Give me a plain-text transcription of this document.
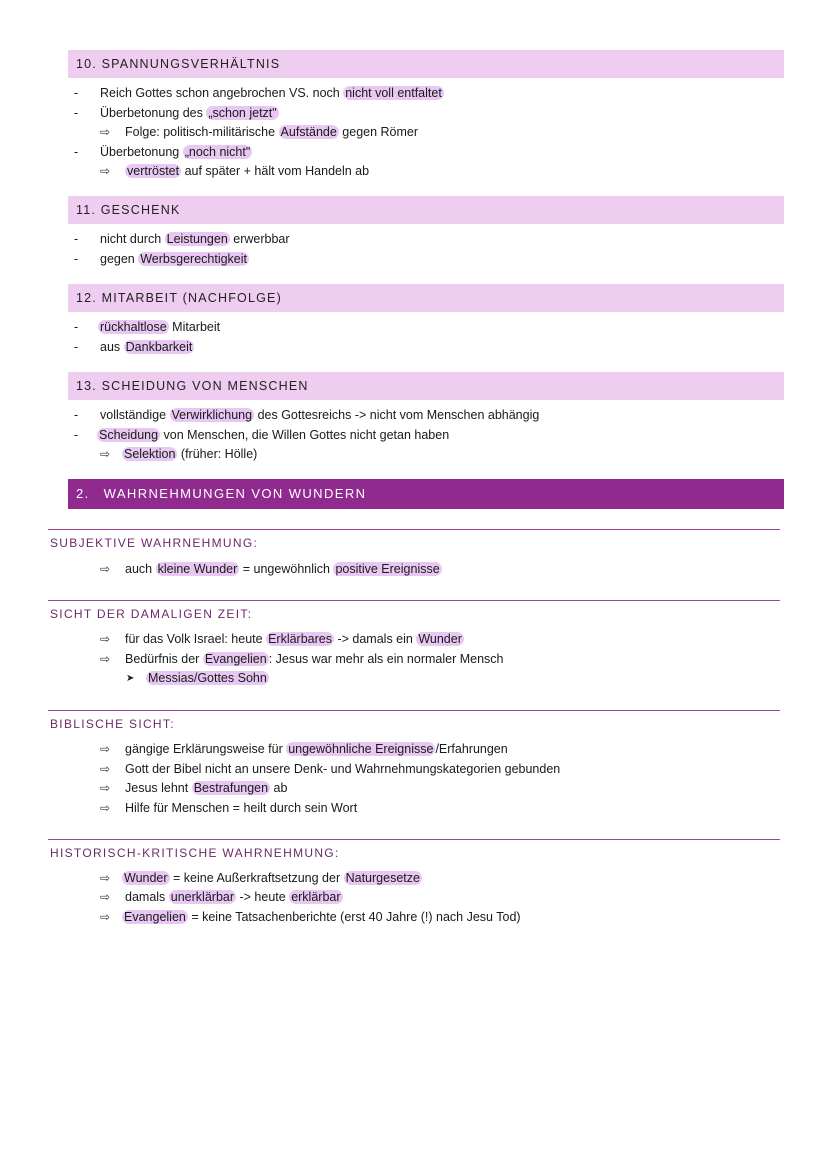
10. SPANNUNGSVERHÄLTNIS
- Reich Gottes schon angebrochen VS. noch nicht voll entfaltet
- Überbetonung des „schon jetzt"
⇨ Folge: politisch-militärische Aufstände gegen Römer
- Überbetonung „noch nicht"
⇨ vertröstet auf später + hält vom Handeln ab
11. GESCHENK
- nicht durch Leistungen erwerbbar
- gegen Werbsgerechtigkeit
12. MITARBEIT (NACHFOLGE)
- rückhaltlose Mitarbeit
- aus Dankbarkeit
13. SCHEIDUNG VON MENSCHEN
- vollständige Verwirklichung des Gottesreichs -> nicht vom Menschen abhängig
- Scheidung von Menschen, die Willen Gottes nicht getan haben
⇨ Selektion (früher: Hölle)
2. WAHRNEHMUNGEN VON WUNDERN
SUBJEKTIVE WAHRNEHMUNG:
⇨ auch kleine Wunder = ungewöhnlich positive Ereignisse
SICHT DER DAMALIGEN ZEIT:
⇨ für das Volk Israel: heute Erklärbares -> damals ein Wunder
⇨ Bedürfnis der Evangelien : Jesus war mehr als ein normaler Mensch
➤ Messias/Gottes Sohn
BIBLISCHE SICHT:
⇨ gängige Erklärungsweise für ungewöhnliche Ereignisse /Erfahrungen
⇨ Gott der Bibel nicht an unsere Denk- und Wahrnehmungskategorien gebunden
⇨ Jesus lehnt Bestrafungen ab
⇨ Hilfe für Menschen = heilt durch sein Wort
HISTORISCH-KRITISCHE WAHRNEHMUNG:
⇨ Wunder = keine Außerkraftsetzung der Naturgesetze
⇨ damals unerklärbar -> heute erklärbar
⇨ Evangelien = keine Tatsachenberichte (erst 40 Jahre (!) nach Jesu Tod)
